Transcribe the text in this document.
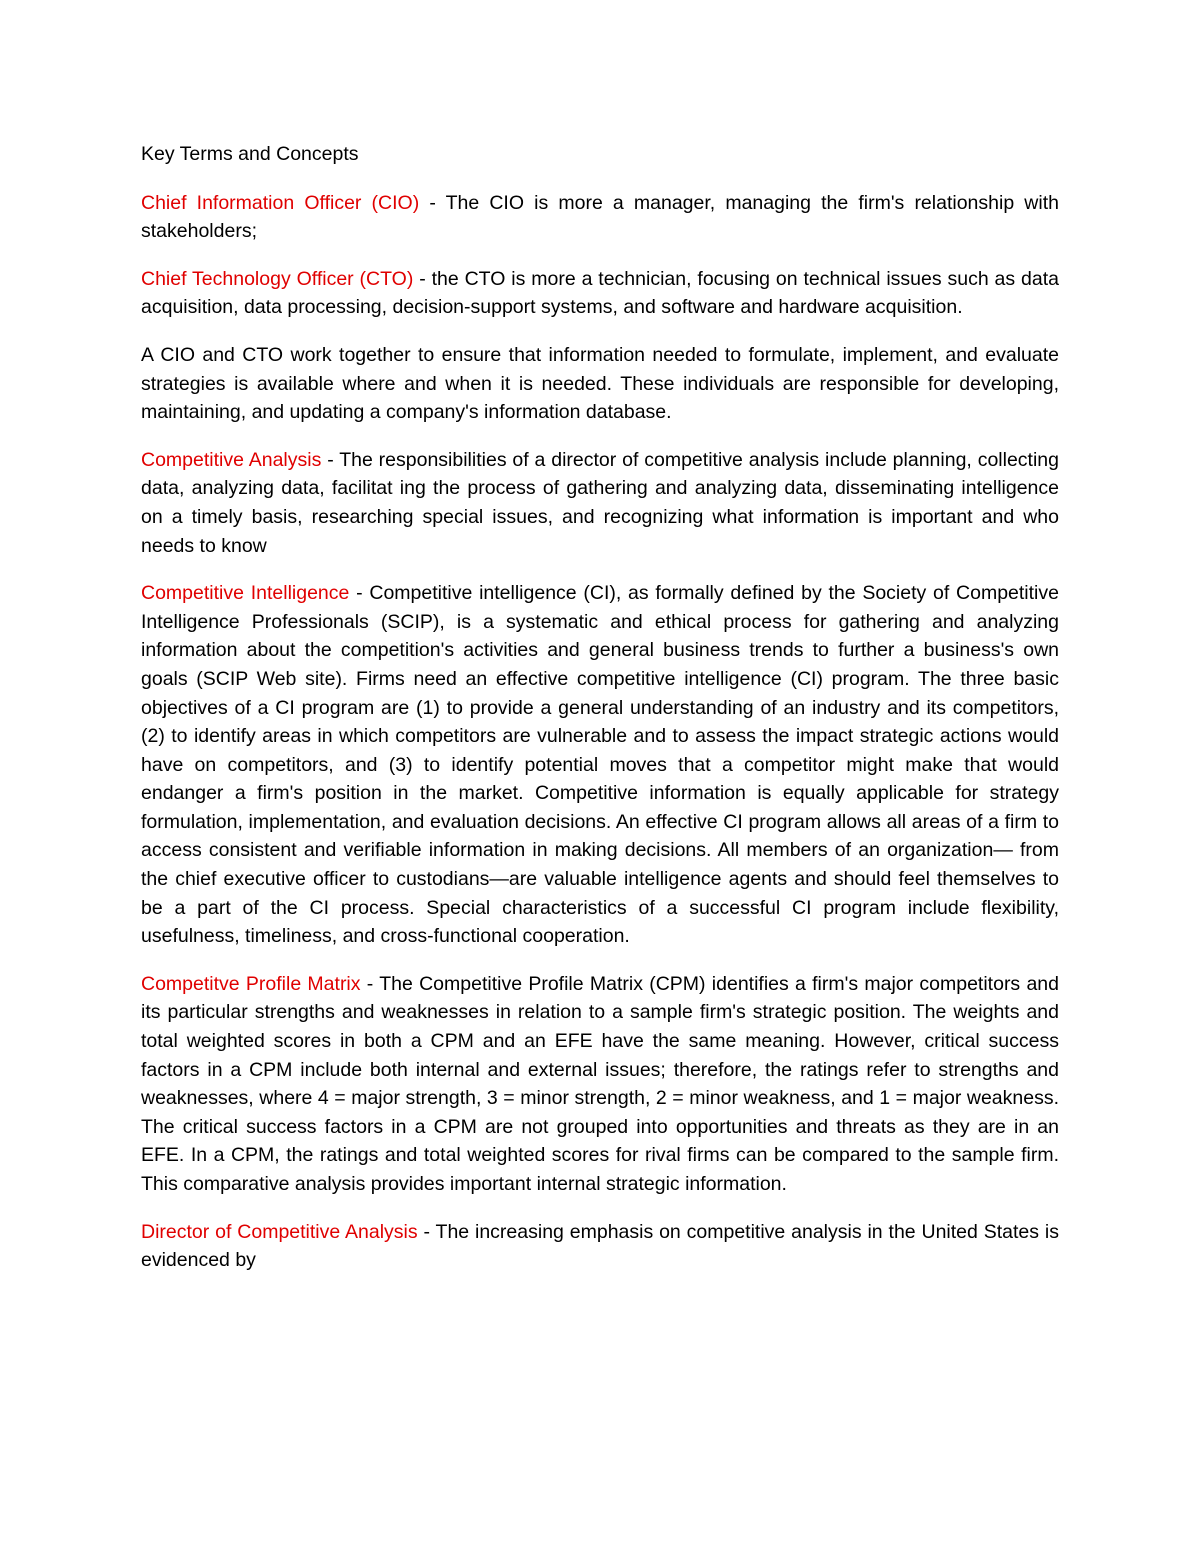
Key Terms and Concepts

Chief Information Officer (CIO) - The CIO is more a manager, managing the firm's relationship with stakeholders;

Chief Technology Officer (CTO) - the CTO is more a technician, focusing on technical issues such as data acquisition, data processing, decision-support systems, and software and hardware acquisition.

A CIO and CTO work together to ensure that information needed to formulate, implement, and evaluate strategies is available where and when it is needed. These individuals are responsible for developing, maintaining, and updating a company's information database.

Competitive Analysis - The responsibilities of a director of competitive analysis include planning, collecting data, analyzing data, facilitat ing the process of gathering and analyzing data, disseminating intelligence on a timely basis, researching special issues, and recognizing what information is important and who needs to know

Competitive Intelligence - Competitive intelligence (CI), as formally defined by the Society of Competitive Intelligence Professionals (SCIP), is a systematic and ethical process for gathering and analyzing information about the competition's activities and general business trends to further a business's own goals (SCIP Web site). Firms need an effective competitive intelligence (CI) program. The three basic objectives of a CI program are (1) to provide a general understanding of an industry and its competitors, (2) to identify areas in which competitors are vulnerable and to assess the impact strategic actions would have on competitors, and (3) to identify potential moves that a competitor might make that would endanger a firm's position in the market. Competitive information is equally applicable for strategy formulation, implementation, and evaluation decisions. An effective CI program allows all areas of a firm to access consistent and verifiable information in making decisions. All members of an organization— from the chief executive officer to custodians—are valuable intelligence agents and should feel themselves to be a part of the CI process. Special characteristics of a successful CI program include flexibility, usefulness, timeliness, and cross-functional cooperation.

Competitve Profile Matrix - The Competitive Profile Matrix (CPM) identifies a firm's major competitors and its particular strengths and weaknesses in relation to a sample firm's strategic position. The weights and total weighted scores in both a CPM and an EFE have the same meaning. However, critical success factors in a CPM include both internal and external issues; therefore, the ratings refer to strengths and weaknesses, where 4 = major strength, 3 = minor strength, 2 = minor weakness, and 1 = major weakness. The critical success factors in a CPM are not grouped into opportunities and threats as they are in an EFE. In a CPM, the ratings and total weighted scores for rival firms can be compared to the sample firm. This comparative analysis provides important internal strategic information.

Director of Competitive Analysis - The increasing emphasis on competitive analysis in the United States is evidenced by
